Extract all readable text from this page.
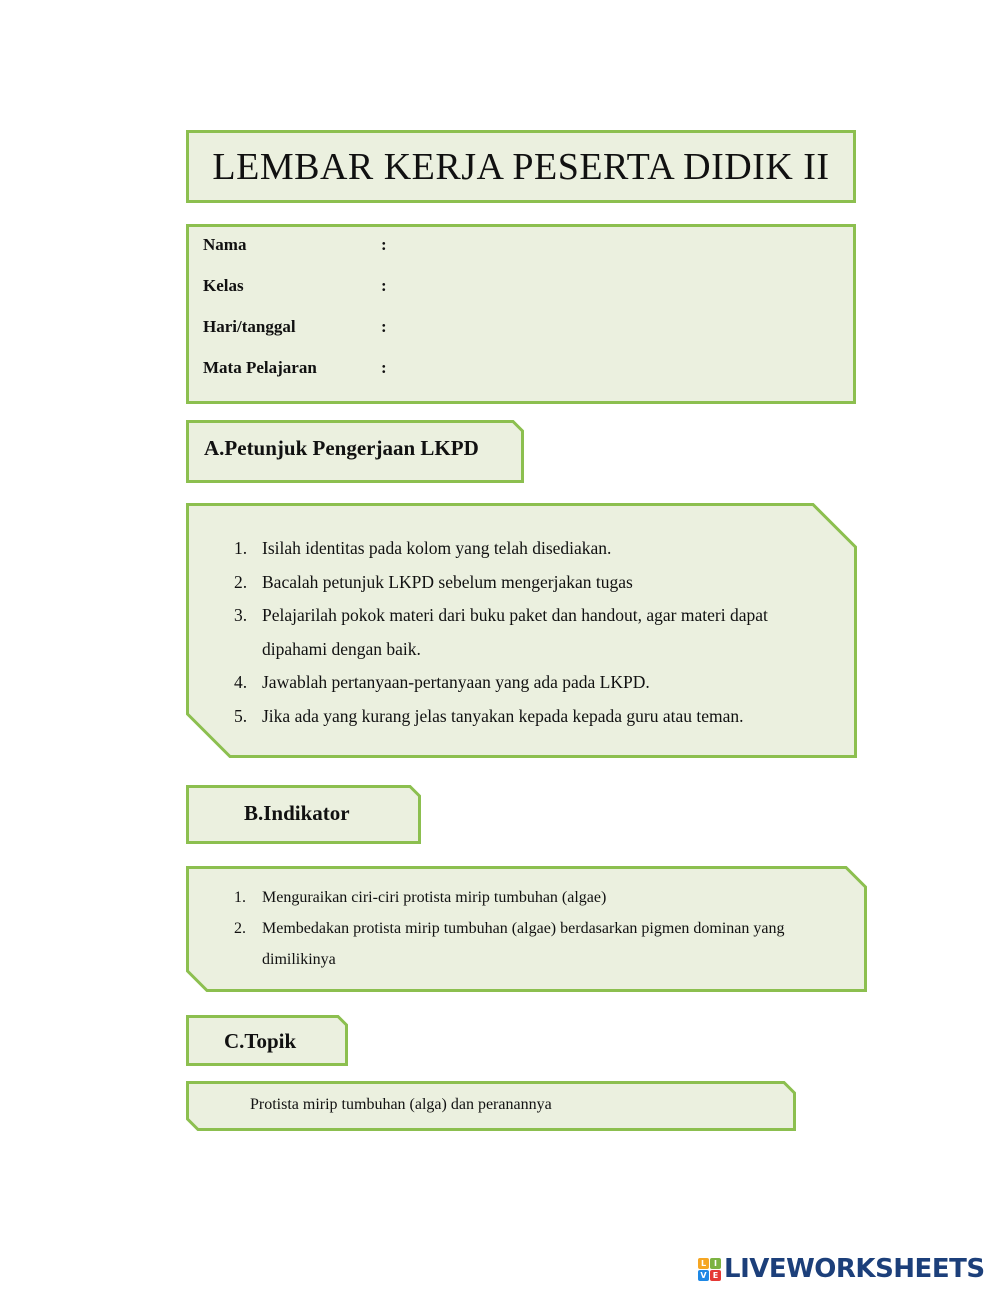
LEMBAR KERJA PESERTA DIDIK II
Nama	:
Kelas	:
Hari/tanggal	:
Mata Pelajaran	:
A.Petunjuk Pengerjaan LKPD
1. Isilah identitas pada kolom yang telah disediakan.
2. Bacalah petunjuk LKPD sebelum mengerjakan tugas
3. Pelajarilah pokok materi dari buku paket dan handout, agar materi dapat dipahami dengan baik.
4. Jawablah pertanyaan-pertanyaan yang ada pada LKPD.
5. Jika ada yang kurang jelas tanyakan kepada kepada guru atau teman.
B.Indikator
1. Menguraikan ciri-ciri protista mirip tumbuhan (algae)
2. Membedakan protista mirip tumbuhan (algae) berdasarkan pigmen dominan yang dimilikinya
C.Topik
Protista mirip tumbuhan (alga) dan peranannya
L I
V E LIVEWORKSHEETS
